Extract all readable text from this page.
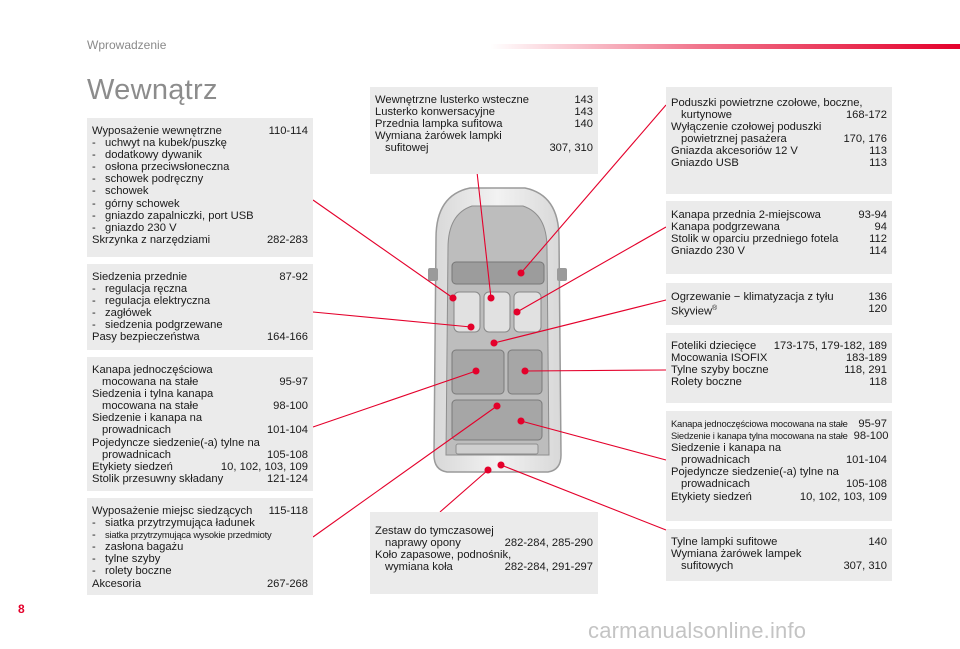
Wprowadzenie
Wewnątrz
Wyposażenie wewnętrzne	110-114
- uchwyt na kubek/puszkę
- dodatkowy dywanik
- osłona przeciwsłoneczna
- schowek podręczny
- schowek
- górny schowek
- gniazdo zapalniczki, port USB
- gniazdo 230 V
Skrzynka z narzędziami	282-283
Siedzenia przednie	87-92
- regulacja ręczna
- regulacja elektryczna
- zagłówek
- siedzenia podgrzewane
Pasy bezpieczeństwa	164-166
Kanapa jednoczęściowa
mocowana na stałe	95-97
Siedzenia i tylna kanapa
mocowana na stałe	98-100
Siedzenie i kanapa na
prowadnicach	101-104
Pojedyncze siedzenie(-a) tylne na
prowadnicach	105-108
Etykiety siedzeń	10, 102, 103, 109
Stolik przesuwny składany	121-124
Wyposażenie miejsc siedzących 115-118
- siatka przytrzymująca ładunek
- siatka przytrzymująca wysokie przedmioty
- zasłona bagażu
- tylne szyby
- rolety boczne
Akcesoria	267-268
Wewnętrzne lusterko wsteczne	143
Lusterko konwersacyjne	143
Przednia lampka sufitowa	140
Wymiana żarówek lampki
sufitowej	307, 310
Zestaw do tymczasowej
naprawy opony	282-284, 285-290
Koło zapasowe, podnośnik,
wymiana koła	282-284, 291-297
Poduszki powietrzne czołowe, boczne,
kurtynowe	168-172
Wyłączenie czołowej poduszki
powietrznej pasażera	170, 176
Gniazda akcesoriów 12 V	113
Gniazdo USB	113
Kanapa przednia 2-miejscowa	93-94
Kanapa podgrzewana	94
Stolik w oparciu przedniego fotela	112
Gniazdo 230 V	114
Ogrzewanie − klimatyzacja z tyłu	136
Skyview®	120
Foteliki dziecięce 173-175, 179-182, 189
Mocowania ISOFIX	183-189
Tylne szyby boczne	118, 291
Rolety boczne	118
Kanapa jednoczęściowa mocowana na stałe 95-97
Siedzenie i kanapa tylna mocowana na stałe 98-100
Siedzenie i kanapa na
prowadnicach	101-104
Pojedyncze siedzenie(-a) tylne na
prowadnicach	105-108
Etykiety siedzeń	10, 102, 103, 109
Tylne lampki sufitowe	140
Wymiana żarówek lampek
sufitowych	307, 310
8
carmanualsonline.info
